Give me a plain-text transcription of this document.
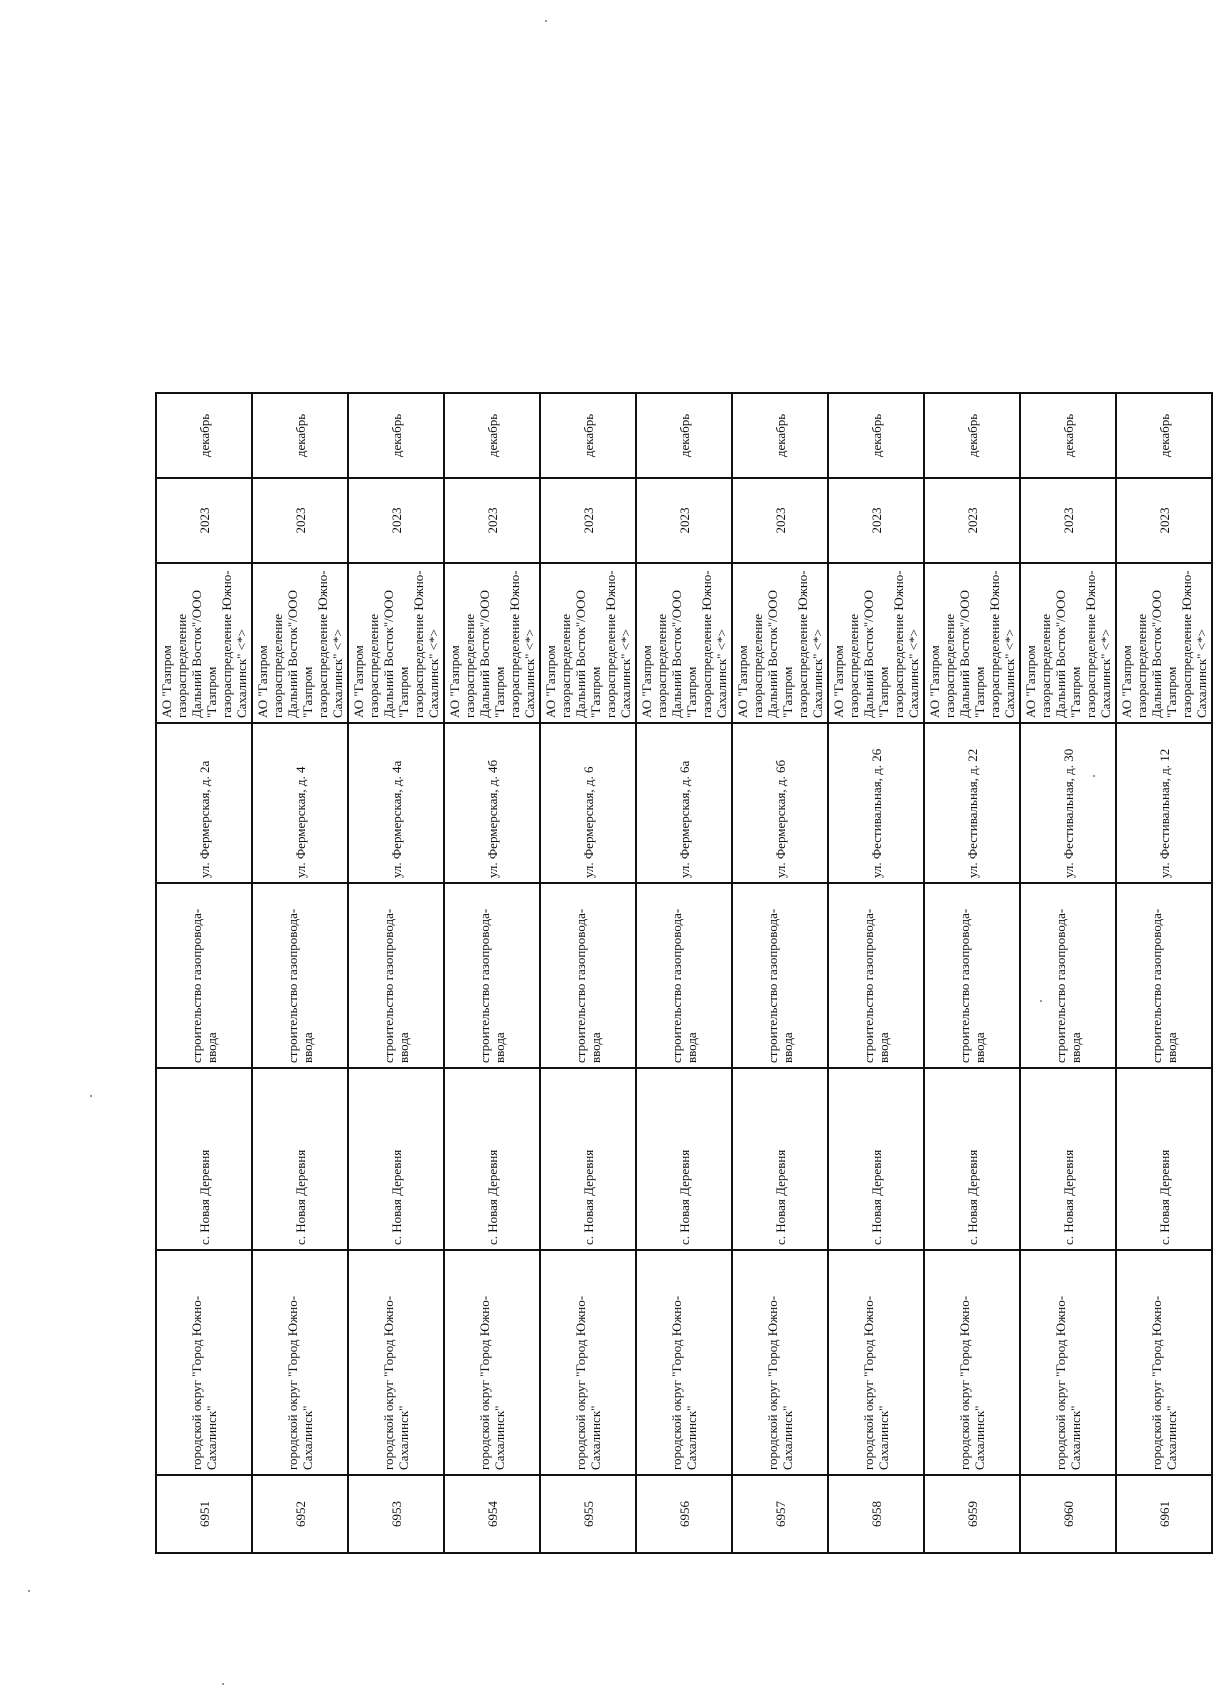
6951	городской округ "Город Южно-Сахалинск"	с. Новая Деревня	строительство газопровода-ввода	ул. Фермерская, д. 2а	АО "Газпром газораспределение Дальний Восток"/ООО "Газпром газораспределение Южно-Сахалинск" <*>	2023	декабрь
6952	городской округ "Город Южно-Сахалинск"	с. Новая Деревня	строительство газопровода-ввода	ул. Фермерская, д. 4	АО "Газпром газораспределение Дальний Восток"/ООО "Газпром газораспределение Южно-Сахалинск" <*>	2023	декабрь
6953	городской округ "Город Южно-Сахалинск"	с. Новая Деревня	строительство газопровода-ввода	ул. Фермерская, д. 4а	АО "Газпром газораспределение Дальний Восток"/ООО "Газпром газораспределение Южно-Сахалинск" <*>	2023	декабрь
6954	городской округ "Город Южно-Сахалинск"	с. Новая Деревня	строительство газопровода-ввода	ул. Фермерская, д. 4б	АО "Газпром газораспределение Дальний Восток"/ООО "Газпром газораспределение Южно-Сахалинск" <*>	2023	декабрь
6955	городской округ "Город Южно-Сахалинск"	с. Новая Деревня	строительство газопровода-ввода	ул. Фермерская, д. 6	АО "Газпром газораспределение Дальний Восток"/ООО "Газпром газораспределение Южно-Сахалинск" <*>	2023	декабрь
6956	городской округ "Город Южно-Сахалинск"	с. Новая Деревня	строительство газопровода-ввода	ул. Фермерская, д. 6а	АО "Газпром газораспределение Дальний Восток"/ООО "Газпром газораспределение Южно-Сахалинск" <*>	2023	декабрь
6957	городской округ "Город Южно-Сахалинск"	с. Новая Деревня	строительство газопровода-ввода	ул. Фермерская, д. 6б	АО "Газпром газораспределение Дальний Восток"/ООО "Газпром газораспределение Южно-Сахалинск" <*>	2023	декабрь
6958	городской округ "Город Южно-Сахалинск"	с. Новая Деревня	строительство газопровода-ввода	ул. Фестивальная, д. 26	АО "Газпром газораспределение Дальний Восток"/ООО "Газпром газораспределение Южно-Сахалинск" <*>	2023	декабрь
6959	городской округ "Город Южно-Сахалинск"	с. Новая Деревня	строительство газопровода-ввода	ул. Фестивальная, д. 22	АО "Газпром газораспределение Дальний Восток"/ООО "Газпром газораспределение Южно-Сахалинск" <*>	2023	декабрь
6960	городской округ "Город Южно-Сахалинск"	с. Новая Деревня	строительство газопровода-ввода	ул. Фестивальная, д. 30	АО "Газпром газораспределение Дальний Восток"/ООО "Газпром газораспределение Южно-Сахалинск" <*>	2023	декабрь
6961	городской округ "Город Южно-Сахалинск"	с. Новая Деревня	строительство газопровода-ввода	ул. Фестивальная, д. 12	АО "Газпром газораспределение Дальний Восток"/ООО "Газпром газораспределение Южно-Сахалинск" <*>	2023	декабрь
